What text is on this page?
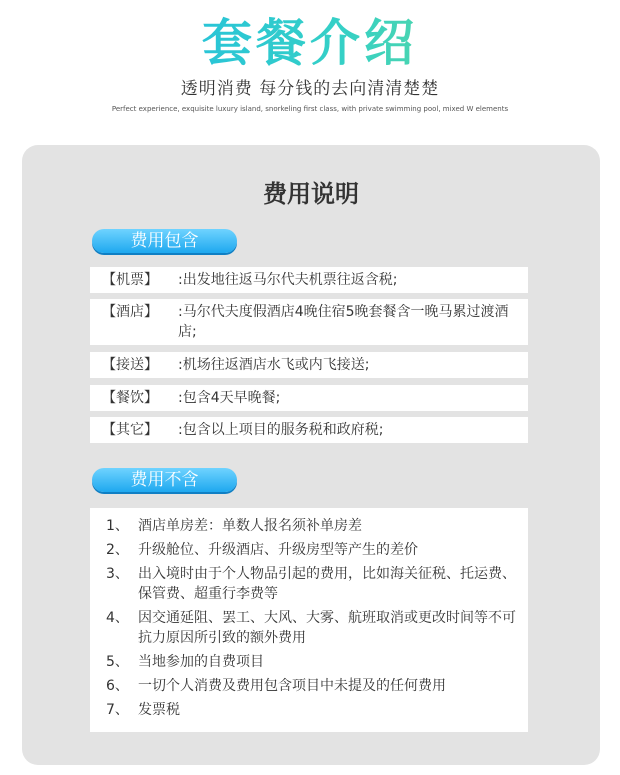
套餐介绍
透明消费 每分钱的去向清清楚楚
Perfect experience, exquisite luxury island, snorkeling first class, with private swimming pool, mixed W elements
费用说明
费用包含
【机票】 :出发地往返马尔代夫机票往返含税;
【酒店】 :马尔代夫度假酒店4晚住宿5晚套餐含一晚马累过渡酒店;
【接送】 :机场往返酒店水飞或内飞接送;
【餐饮】 :包含4天早晚餐;
【其它】 :包含以上项目的服务税和政府税;
费用不含
1、 酒店单房差：单数人报名须补单房差
2、 升级舱位、升级酒店、升级房型等产生的差价
3、 出入境时由于个人物品引起的费用，比如海关征税、托运费、保管费、超重行李费等
4、 因交通延阻、罢工、大风、大雾、航班取消或更改时间等不可抗力原因所引致的额外费用
5、 当地参加的自费项目
6、 一切个人消费及费用包含项目中未提及的任何费用
7、 发票税
